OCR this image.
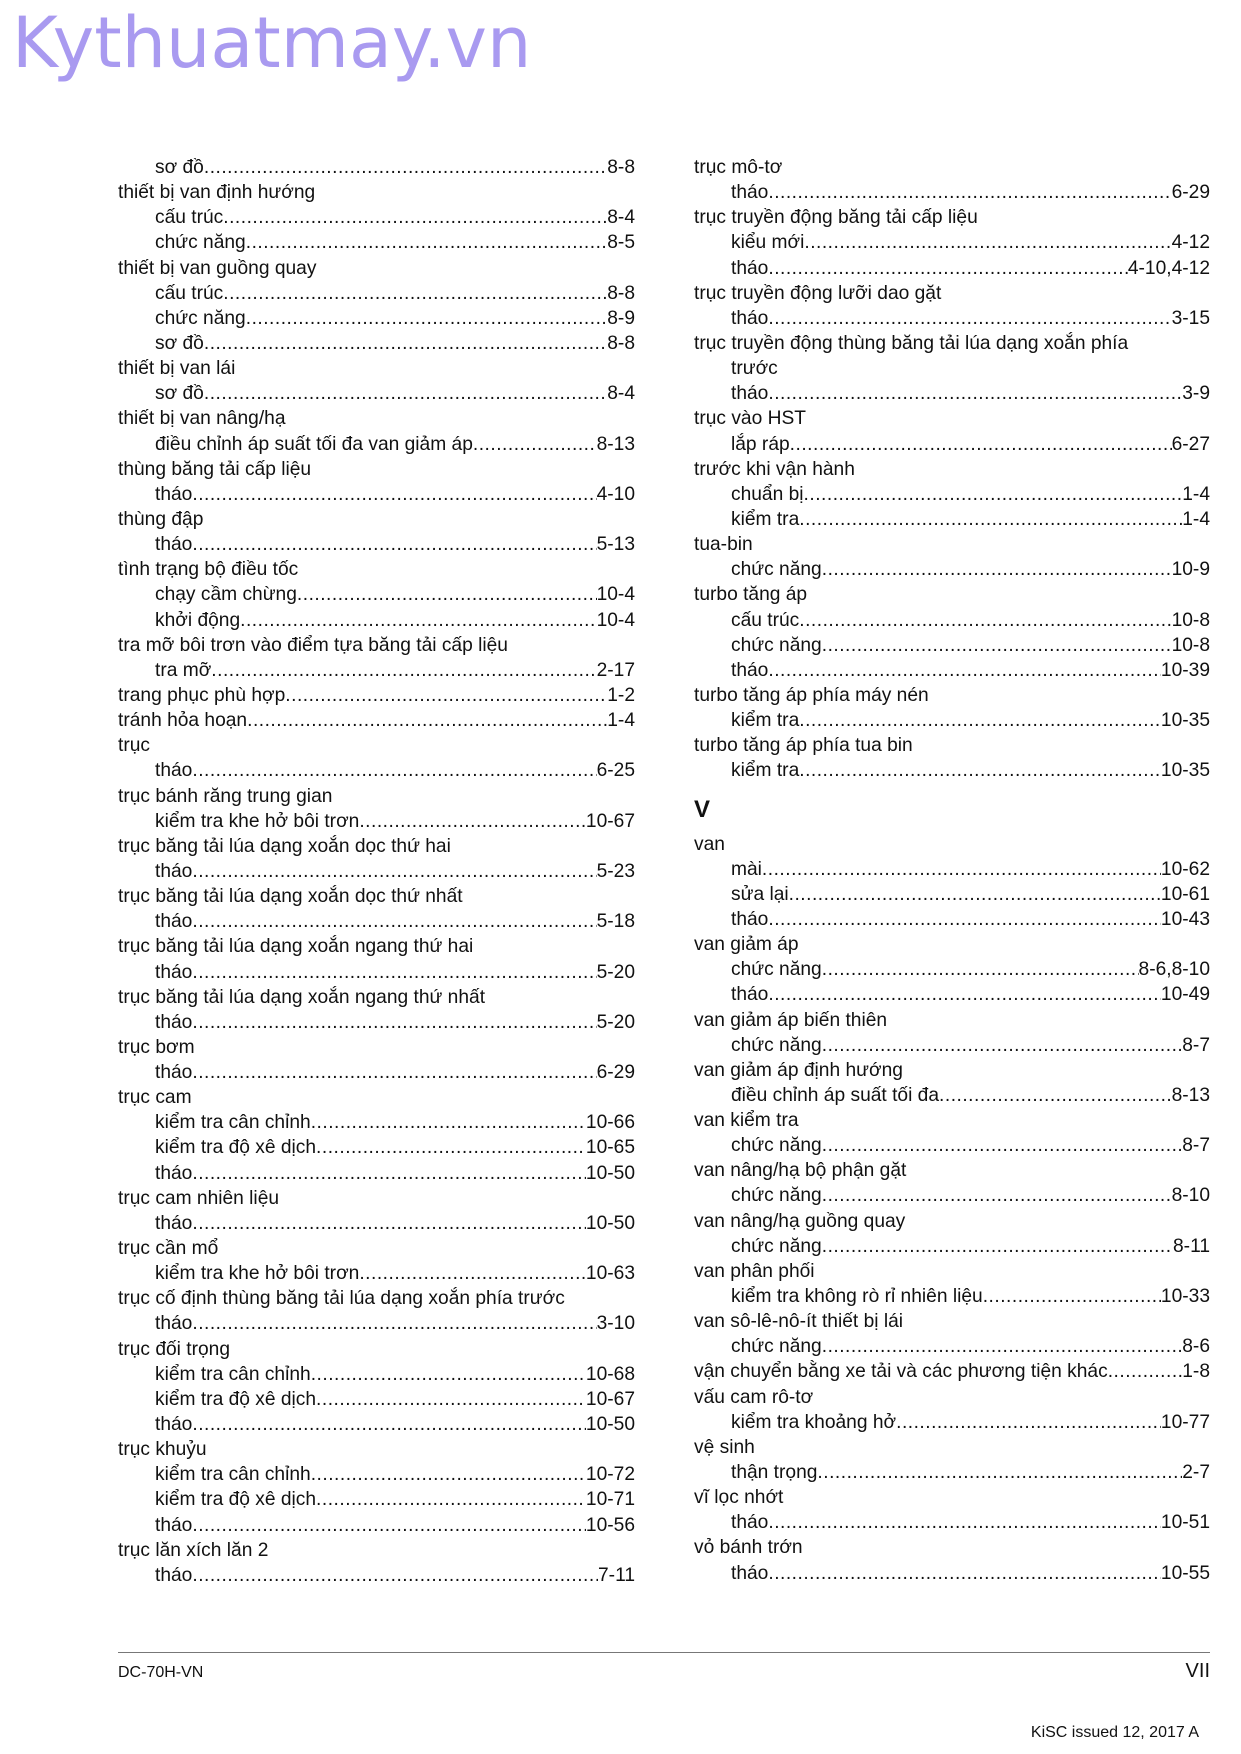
Kythuatmay.vn
sơ đồ .....	8-8
thiết bị van định hướng
cấu trúc .....	8-4
chức năng .....	8-5
thiết bị van guồng quay
cấu trúc .....	8-8
chức năng .....	8-9
sơ đồ .....	8-8
thiết bị van lái
sơ đồ .....	8-4
thiết bị van nâng/hạ
điều chỉnh áp suất tối đa van giảm áp .....	8-13
thùng băng tải cấp liệu
tháo .....	4-10
thùng đập
tháo .....	5-13
tình trạng bộ điều tốc
chạy cầm chừng .....	10-4
khởi động .....	10-4
tra mỡ bôi trơn vào điểm tựa băng tải cấp liệu
tra mỡ .....	2-17
trang phục phù hợp .....	1-2
tránh hỏa hoạn .....	1-4
trục
tháo .....	6-25
trục bánh răng trung gian
kiểm tra khe hở bôi trơn .....	10-67
trục băng tải lúa dạng xoắn dọc thứ hai
tháo .....	5-23
trục băng tải lúa dạng xoắn dọc thứ nhất
tháo .....	5-18
trục băng tải lúa dạng xoắn ngang thứ hai
tháo .....	5-20
trục băng tải lúa dạng xoắn ngang thứ nhất
tháo .....	5-20
trục bơm
tháo .....	6-29
trục cam
kiểm tra cân chỉnh .....	10-66
kiểm tra độ xê dịch .....	10-65
tháo .....	10-50
trục cam nhiên liệu
tháo .....	10-50
trục cần mổ
kiểm tra khe hở bôi trơn .....	10-63
trục cố định thùng băng tải lúa dạng xoắn phía trước
tháo .....	3-10
trục đối trọng
kiểm tra cân chỉnh .....	10-68
kiểm tra độ xê dịch .....	10-67
tháo .....	10-50
trục khuỷu
kiểm tra cân chỉnh .....	10-72
kiểm tra độ xê dịch .....	10-71
tháo .....	10-56
trục lăn xích lăn 2
tháo .....	7-11
trục mô-tơ
tháo .....	6-29
trục truyền động băng tải cấp liệu
kiểu mới .....	4-12
tháo .....	4-10,4-12
trục truyền động lưỡi dao gặt
tháo .....	3-15
trục truyền động thùng băng tải lúa dạng xoắn phía
trước
tháo .....	3-9
trục vào HST
lắp ráp .....	6-27
trước khi vận hành
chuẩn bị .....	1-4
kiểm tra .....	1-4
tua-bin
chức năng .....	10-9
turbo tăng áp
cấu trúc .....	10-8
chức năng .....	10-8
tháo .....	10-39
turbo tăng áp phía máy nén
kiểm tra .....	10-35
turbo tăng áp phía tua bin
kiểm tra .....	10-35
V
van
mài .....	10-62
sửa lại .....	10-61
tháo .....	10-43
van giảm áp
chức năng .....	8-6,8-10
tháo .....	10-49
van giảm áp biến thiên
chức năng .....	8-7
van giảm áp định hướng
điều chỉnh áp suất tối đa .....	8-13
van kiểm tra
chức năng .....	8-7
van nâng/hạ bộ phận gặt
chức năng .....	8-10
van nâng/hạ guồng quay
chức năng .....	8-11
van phân phối
kiểm tra không rò rỉ nhiên liệu .....	10-33
van sô-lê-nô-ít thiết bị lái
chức năng .....	8-6
vận chuyển bằng xe tải và các phương tiện khác .....	1-8
vấu cam rô-tơ
kiểm tra khoảng hở .....	10-77
vệ sinh
thận trọng .....	2-7
vĩ lọc nhớt
tháo .....	10-51
vỏ bánh trớn
tháo .....	10-55
DC-70H-VN	VII
KiSC issued 12, 2017 A
